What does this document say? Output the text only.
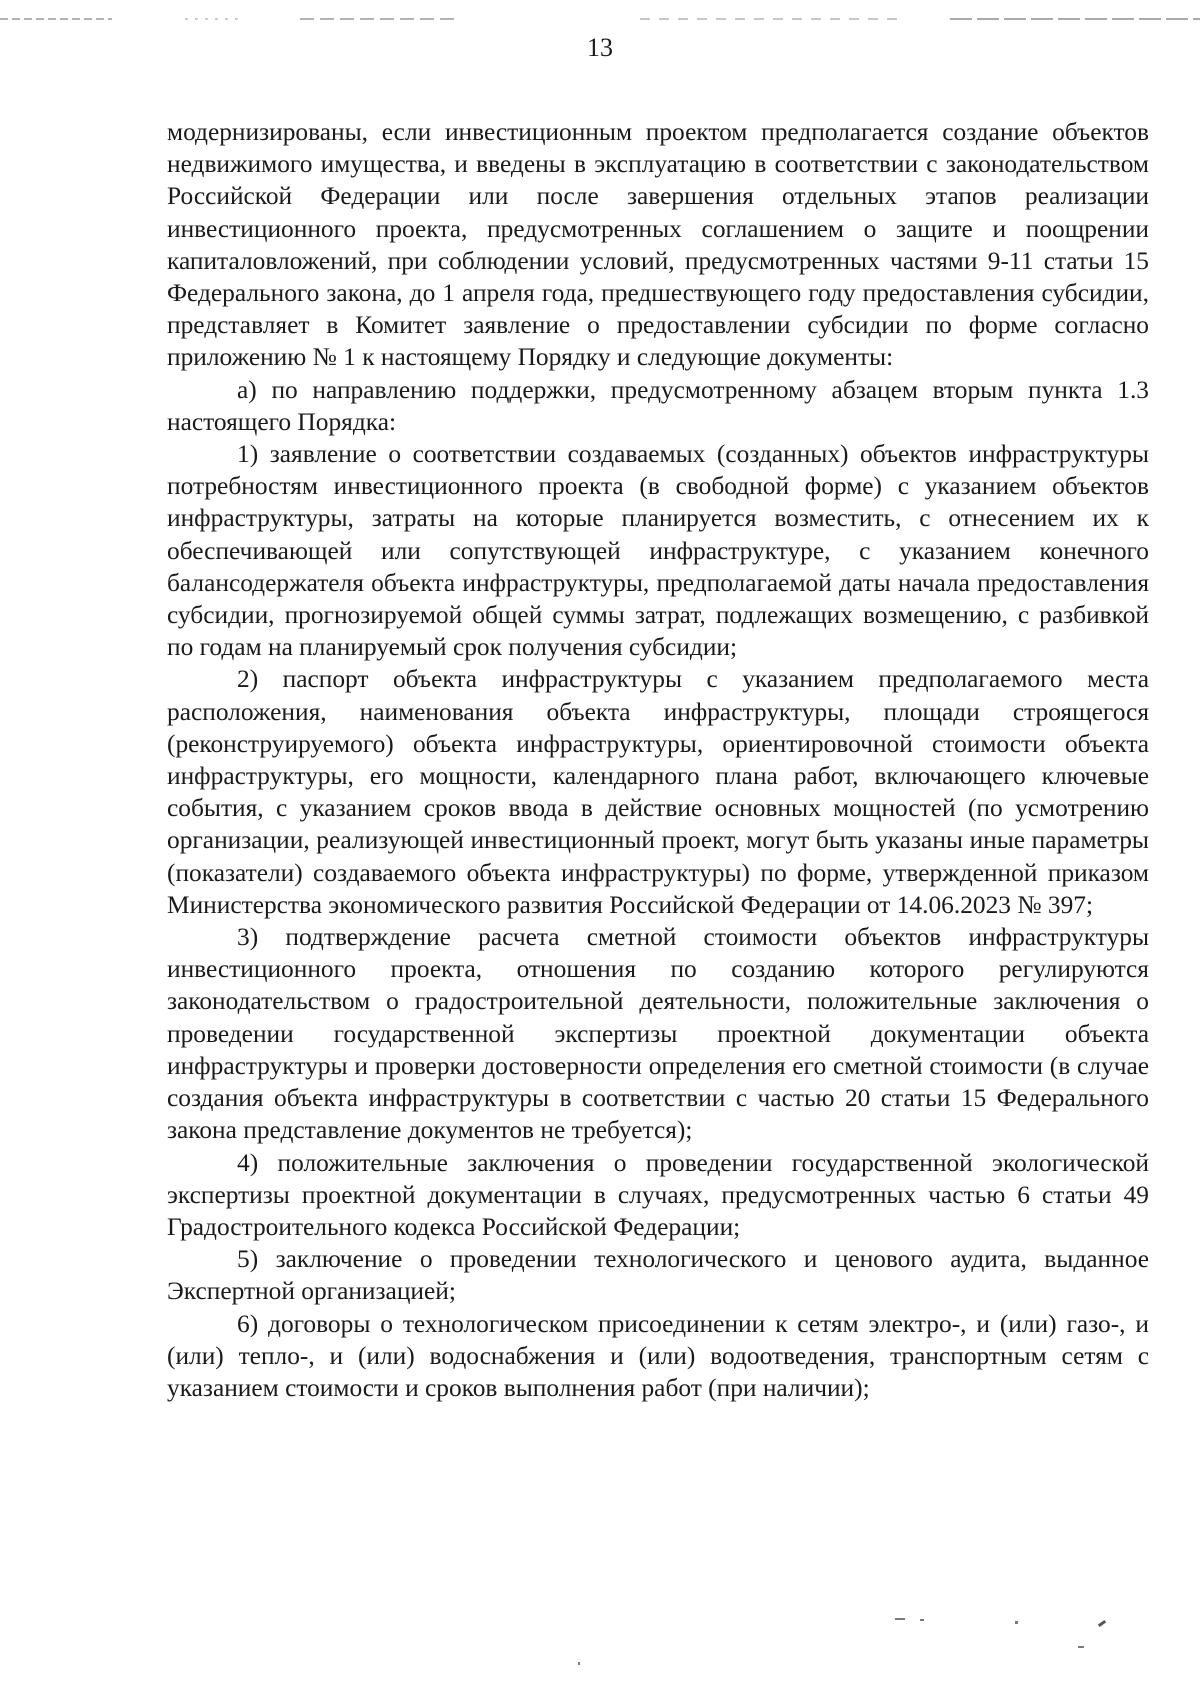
13

модернизированы, если инвестиционным проектом предполагается создание объектов недвижимого имущества, и введены в эксплуатацию в соответствии с законодательством Российской Федерации или после завершения отдельных этапов реализации инвестиционного проекта, предусмотренных соглашением о защите и поощрении капиталовложений, при соблюдении условий, предусмотренных частями 9-11 статьи 15 Федерального закона, до 1 апреля года, предшествующего году предоставления субсидии, представляет в Комитет заявление о предоставлении субсидии по форме согласно приложению № 1 к настоящему Порядку и следующие документы:

а) по направлению поддержки, предусмотренному абзацем вторым пункта 1.3 настоящего Порядка:

1) заявление о соответствии создаваемых (созданных) объектов инфраструктуры потребностям инвестиционного проекта (в свободной форме) с указанием объектов инфраструктуры, затраты на которые планируется возместить, с отнесением их к обеспечивающей или сопутствующей инфраструктуре, с указанием конечного балансодержателя объекта инфраструктуры, предполагаемой даты начала предоставления субсидии, прогнозируемой общей суммы затрат, подлежащих возмещению, с разбивкой по годам на планируемый срок получения субсидии;

2) паспорт объекта инфраструктуры с указанием предполагаемого места расположения, наименования объекта инфраструктуры, площади строящегося (реконструируемого) объекта инфраструктуры, ориентировочной стоимости объекта инфраструктуры, его мощности, календарного плана работ, включающего ключевые события, с указанием сроков ввода в действие основных мощностей (по усмотрению организации, реализующей инвестиционный проект, могут быть указаны иные параметры (показатели) создаваемого объекта инфраструктуры) по форме, утвержденной приказом Министерства экономического развития Российской Федерации от 14.06.2023 № 397;

3) подтверждение расчета сметной стоимости объектов инфраструктуры инвестиционного проекта, отношения по созданию которого регулируются законодательством о градостроительной деятельности, положительные заключения о проведении государственной экспертизы проектной документации объекта инфраструктуры и проверки достоверности определения его сметной стоимости (в случае создания объекта инфраструктуры в соответствии с частью 20 статьи 15 Федерального закона представление документов не требуется);

4) положительные заключения о проведении государственной экологической экспертизы проектной документации в случаях, предусмотренных частью 6 статьи 49 Градостроительного кодекса Российской Федерации;

5) заключение о проведении технологического и ценового аудита, выданное Экспертной организацией;

6) договоры о технологическом присоединении к сетям электро-, и (или) газо-, и (или) тепло-, и (или) водоснабжения и (или) водоотведения, транспортным сетям с указанием стоимости и сроков выполнения работ (при наличии);
